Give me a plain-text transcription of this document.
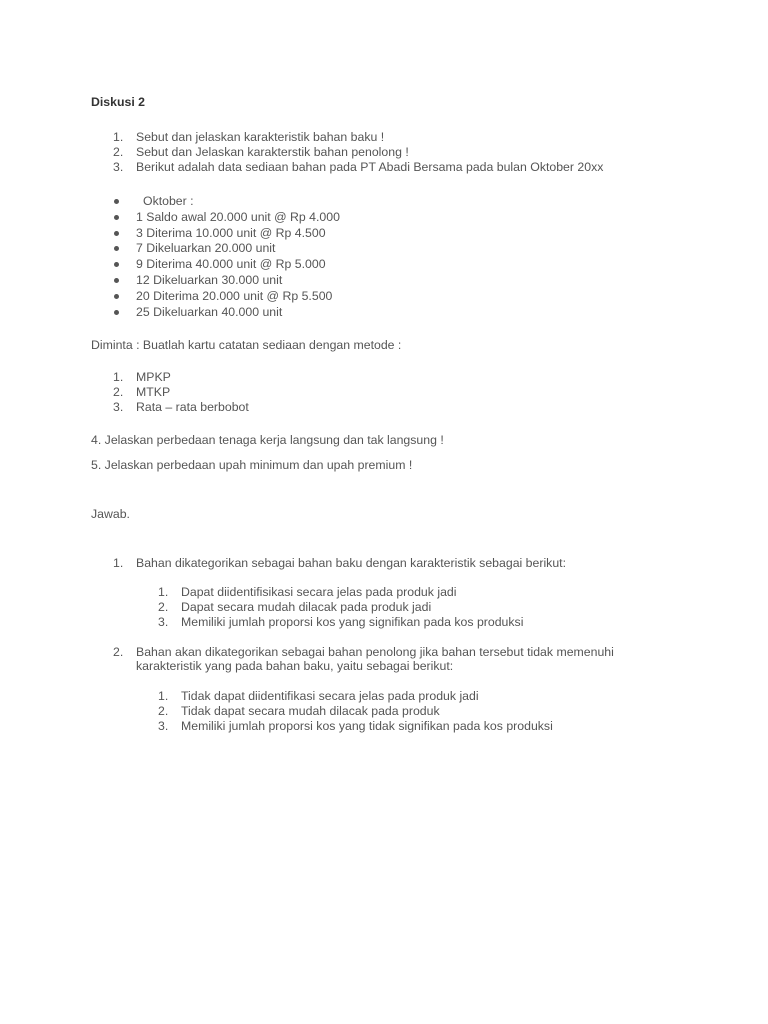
Diskusi 2
1.	Sebut dan jelaskan karakteristik bahan baku !
2.	Sebut dan Jelaskan karakterstik bahan penolong !
3.	Berikut adalah data sediaan bahan pada PT Abadi Bersama pada bulan Oktober 20xx
Oktober :
1 Saldo awal 20.000 unit @ Rp 4.000
3 Diterima 10.000 unit @ Rp 4.500
7 Dikeluarkan 20.000 unit
9 Diterima 40.000 unit @ Rp 5.000
12 Dikeluarkan 30.000 unit
20 Diterima 20.000 unit @ Rp 5.500
25 Dikeluarkan 40.000 unit
Diminta : Buatlah kartu catatan sediaan dengan metode :
1.	MPKP
2.	MTKP
3.	Rata – rata berbobot
4. Jelaskan perbedaan tenaga kerja langsung dan tak langsung !
5. Jelaskan perbedaan upah minimum dan upah premium !
Jawab.
1.	Bahan dikategorikan sebagai bahan baku dengan karakteristik sebagai berikut:
1.	Dapat diidentifisikasi secara jelas pada produk jadi
2.	Dapat secara mudah dilacak pada produk jadi
3.	Memiliki jumlah proporsi kos yang signifikan pada kos produksi
2.	Bahan akan dikategorikan sebagai bahan penolong jika bahan tersebut tidak memenuhi
karakteristik yang pada bahan baku, yaitu sebagai berikut:
1.	Tidak dapat diidentifikasi secara jelas pada produk jadi
2.	Tidak dapat secara mudah dilacak pada produk
3.	Memiliki jumlah proporsi kos yang tidak signifikan pada kos produksi
